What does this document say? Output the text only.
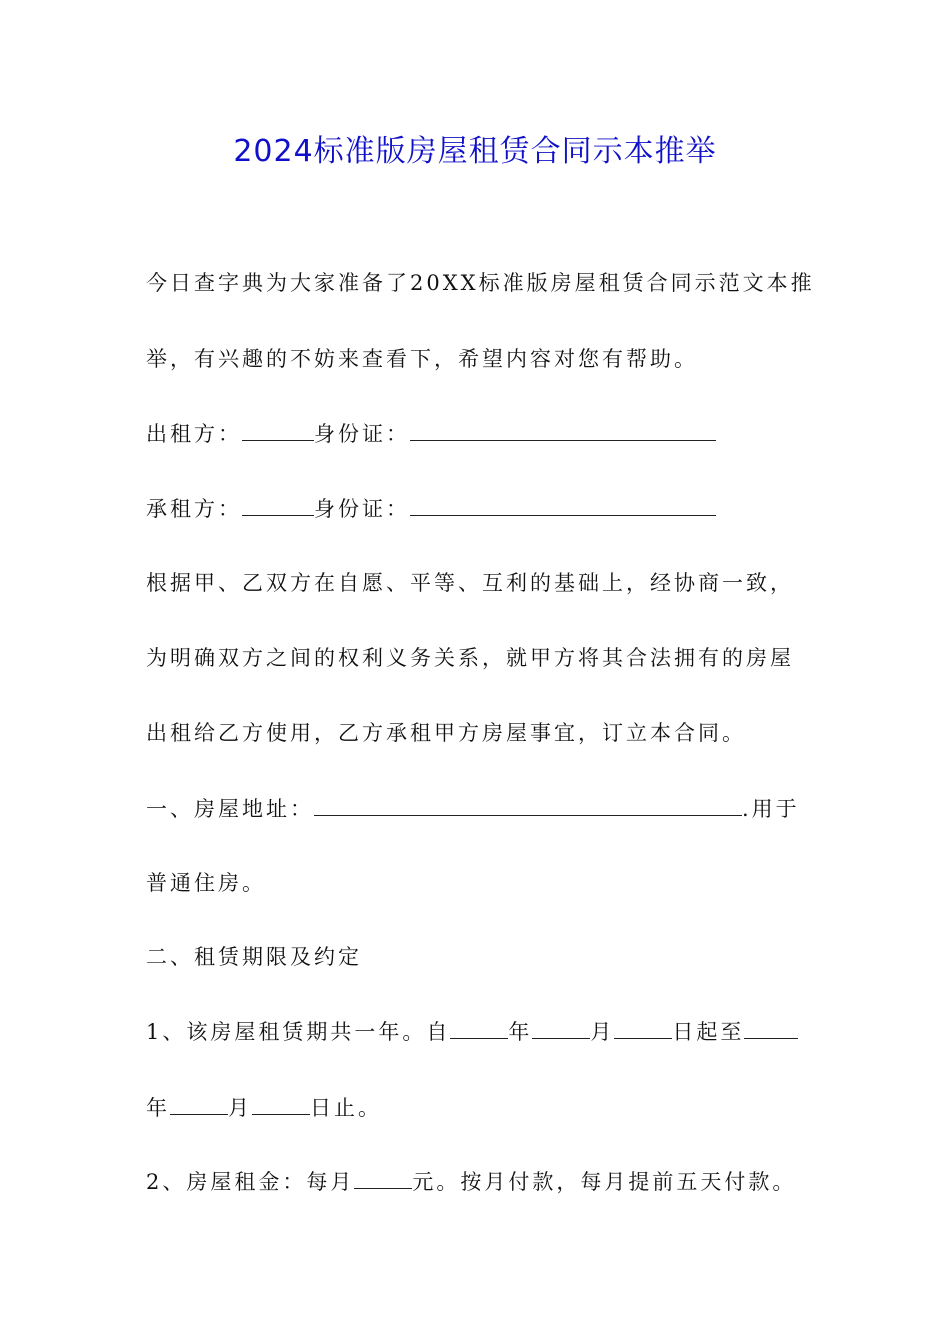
2024标准版房屋租赁合同示本推举
今日查字典为大家准备了20XX标准版房屋租赁合同示范文本推
举，有兴趣的不妨来查看下，希望内容对您有帮助。
出租方：	身份证：
承租方：	身份证：
根据甲、乙双方在自愿、平等、互利的基础上，经协商一致，
为明确双方之间的权利义务关系，就甲方将其合法拥有的房屋
出租给乙方使用，乙方承租甲方房屋事宜，订立本合同。
一、房屋地址：	.用于
普通住房。
二、租赁期限及约定
1、该房屋租赁期共一年。自	年	月	日起至
年	月	日止。
2、房屋租金：每月	元。按月付款，每月提前五天付款。
